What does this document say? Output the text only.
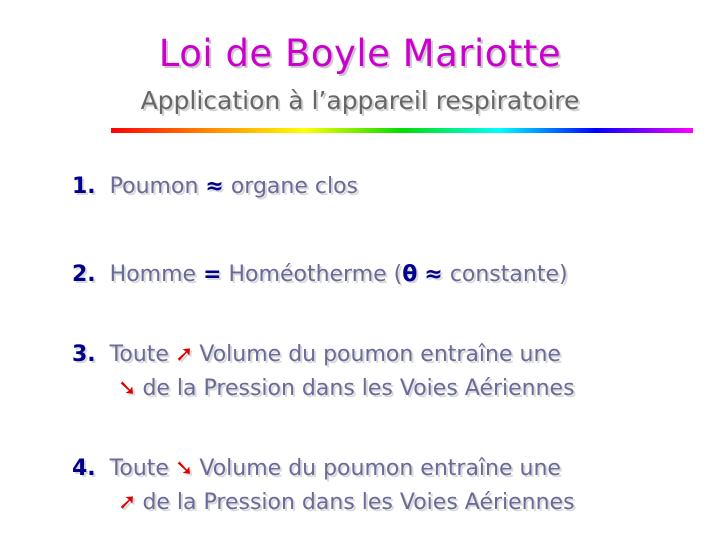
Loi de Boyle Mariotte
Application à l’appareil respiratoire
1. Poumon ≈ organe clos
2. Homme = Homéotherme (θ ≈ constante)
3. Toute ➚ Volume du poumon entraîne une
➘ de la Pression dans les Voies Aériennes
4. Toute ➘ Volume du poumon entraîne une
➚ de la Pression dans les Voies Aériennes
